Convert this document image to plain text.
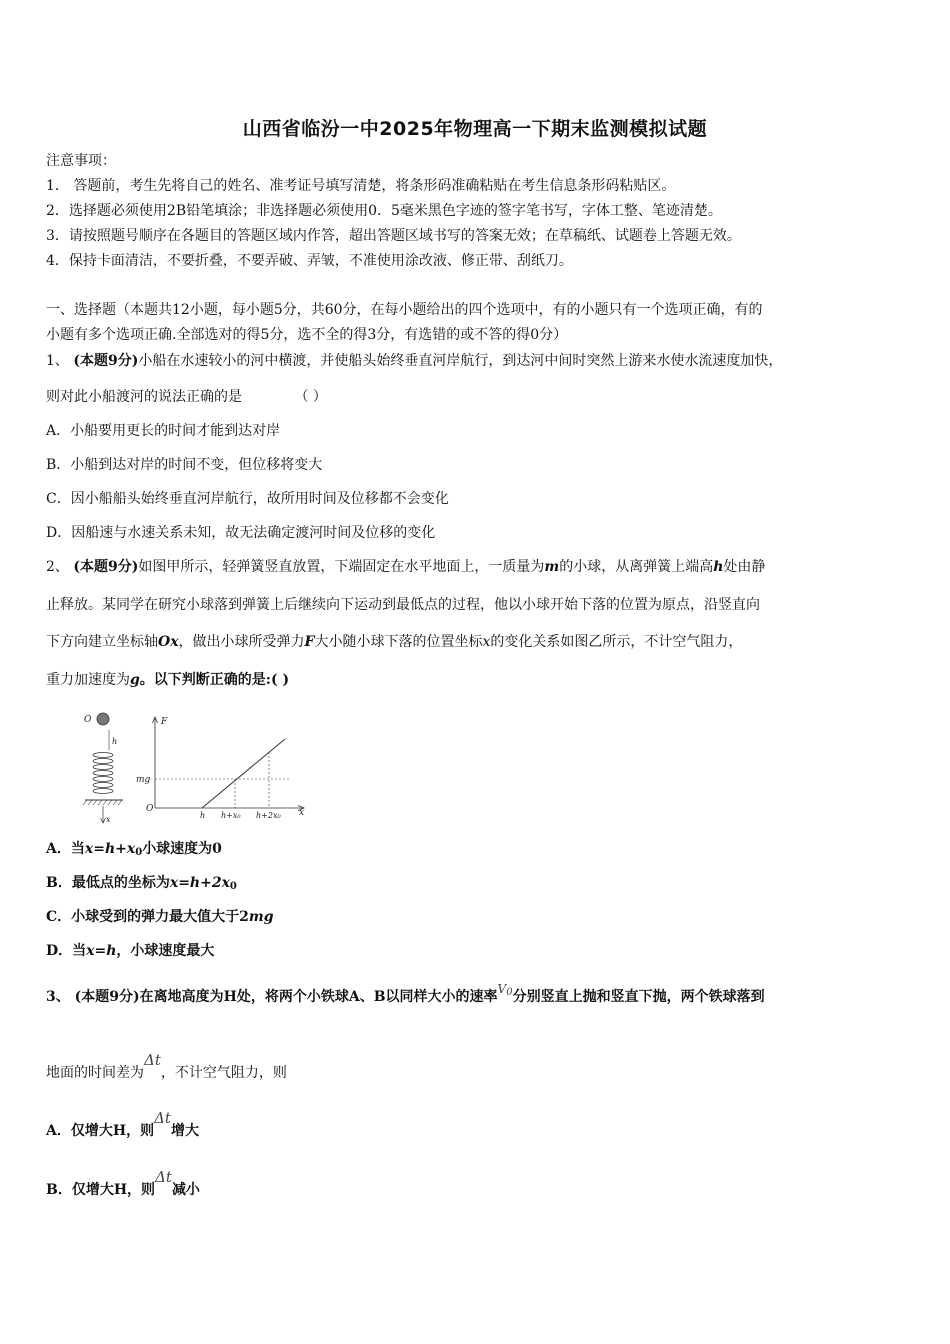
山西省临汾一中2025年物理高一下期末监测模拟试题
注意事项：
1． 答题前，考生先将自己的姓名、准考证号填写清楚，将条形码准确粘贴在考生信息条形码粘贴区。
2．选择题必须使用2B铅笔填涂；非选择题必须使用0．5毫米黑色字迹的签字笔书写，字体工整、笔迹清楚。
3．请按照题号顺序在各题目的答题区域内作答，超出答题区域书写的答案无效；在草稿纸、试题卷上答题无效。
4．保持卡面清洁，不要折叠，不要弄破、弄皱，不准使用涂改液、修正带、刮纸刀。
一、选择题（本题共12小题，每小题5分，共60分，在每小题给出的四个选项中，有的小题只有一个选项正确，有的
小题有多个选项正确.全部选对的得5分，选不全的得3分，有选错的或不答的得0分）
1、 (本题9分)小船在水速较小的河中横渡，并使船头始终垂直河岸航行，到达河中间时突然上游来水使水流速度加快，
则对此小船渡河的说法正确的是	（ ）
A．小船要用更长的时间才能到达对岸
B．小船到达对岸的时间不变，但位移将变大
C．因小船船头始终垂直河岸航行，故所用时间及位移都不会变化
D．因船速与水速关系未知，故无法确定渡河时间及位移的变化
2、 (本题9分)如图甲所示，轻弹簧竖直放置，下端固定在水平地面上，一质量为m的小球，从离弹簧上端高h处由静
止释放。某同学在研究小球落到弹簧上后继续向下运动到最低点的过程，他以小球开始下落的位置为原点，沿竖直向
下方向建立坐标轴Ox，做出小球所受弹力F大小随小球下落的位置坐标x的变化关系如图乙所示，不计空气阻力，
重力加速度为g。以下判断正确的是:( )
O
h
x
F
x
O
mg
h h+x₀ h+2x₀
A．当$x=h+x_0$小球速度为0
B．最低点的坐标为$x=h+2x_0$
C．小球受到的弹力最大值大于2mg
D．当x=h，小球速度最大
3、 (本题9分)在离地高度为H处，将两个小铁球A、B以同样大小的速率$V_0$分别竖直上抛和竖直下抛，两个铁球落到
地面的时间差为Δt，不计空气阻力，则
A．仅增大H，则Δt增大
B．仅增大H，则Δt减小
